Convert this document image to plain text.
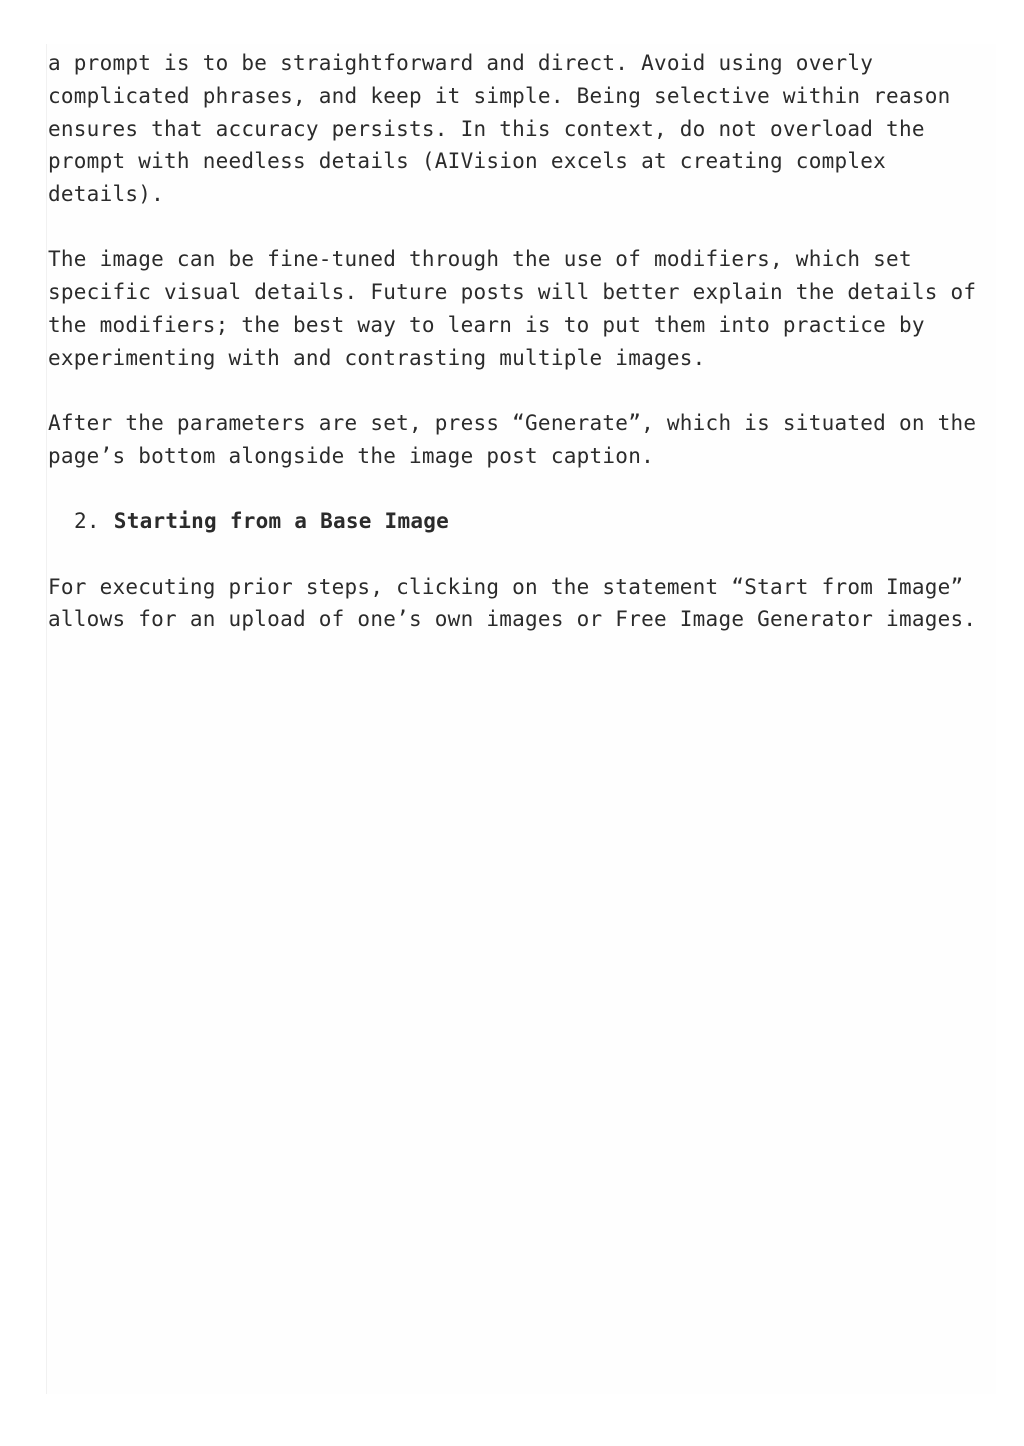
a prompt is to be straightforward and direct. Avoid using overly
complicated phrases, and keep it simple. Being selective within reason
ensures that accuracy persists. In this context, do not overload the
prompt with needless details (AIVision excels at creating complex
details).

The image can be fine-tuned through the use of modifiers, which set
specific visual details. Future posts will better explain the details of
the modifiers; the best way to learn is to put them into practice by
experimenting with and contrasting multiple images.

After the parameters are set, press “Generate”, which is situated on the
page’s bottom alongside the image post caption.

2. Starting from a Base Image

For executing prior steps, clicking on the statement “Start from Image”
allows for an upload of one’s own images or Free Image Generator images.
